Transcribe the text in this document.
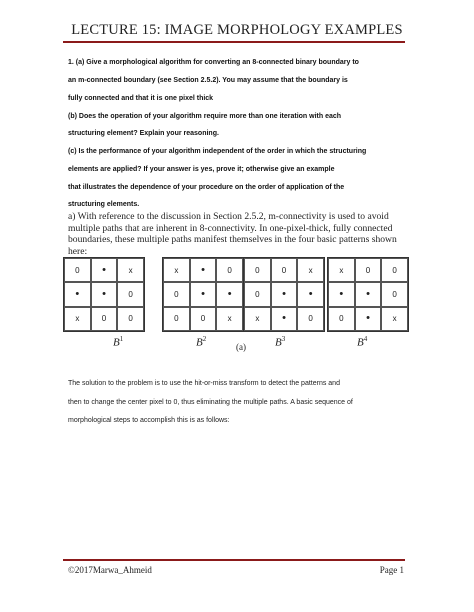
LECTURE 15: IMAGE MORPHOLOGY EXAMPLES
1. (a) Give a morphological algorithm for converting an 8-connected binary boundary to
an m-connected boundary (see Section 2.5.2). You may assume that the boundary is
fully connected and that it is one pixel thick
(b) Does the operation of your algorithm require more than one iteration with each
structuring element? Explain your reasoning.
(c) Is the performance of your algorithm independent of the order in which the structuring
elements are applied? If your answer is yes, prove it; otherwise give an example
that illustrates the dependence of your procedure on the order of application of the
structuring elements.
a) With reference to the discussion in Section 2.5.2, m-connectivity is used to avoid multiple paths that are inherent in 8-connectivity. In one-pixel-thick, fully connected boundaries, these multiple paths manifest themselves in the four basic patterns shown here:
0	•	x
•	•	0
x	0	0
x	•	0
0	•	•
0	0	x
0	0	x
0	•	•
x	•	0
x	0	0
•	•	0
0	•	x
$B^1$	$B^2$	$B^3$	$B^4$
(a)
The solution to the problem is to use the hit-or-miss transform to detect the patterns and
then to change the center pixel to 0, thus eliminating the multiple paths. A basic sequence of
morphological steps to accomplish this is as follows:
©2017Marwa_Ahmeid	Page 1
